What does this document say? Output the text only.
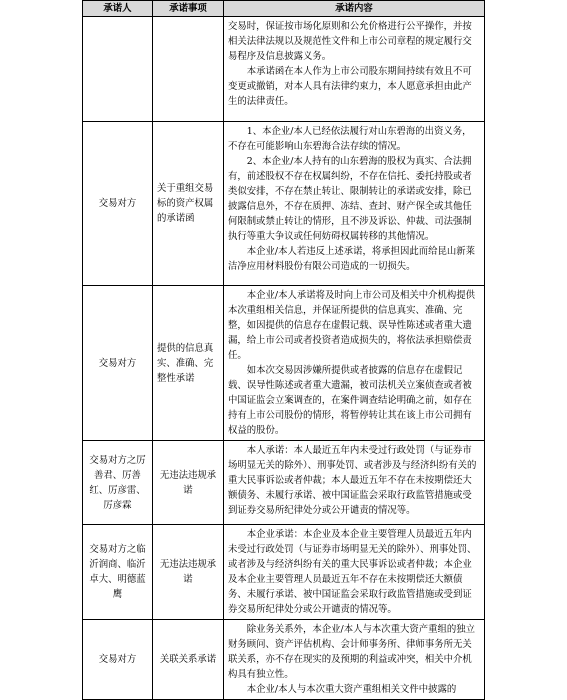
承诺人	承诺事项	承诺内容

		交易时，保证按市场化原则和公允价格进行公平操作，并按相关法律法规以及规范性文件和上市公司章程的规定履行交易程序及信息披露义务。

本承诺函在本人作为上市公司股东期间持续有效且不可变更或撤销，对本人具有法律约束力，本人愿意承担由此产生的法律责任。

交易对方	关于重组交易标的资产权属的承诺函	1、本企业/本人已经依法履行对山东碧海的出资义务，不存在可能影响山东碧海合法存续的情况。

2、本企业/本人持有的山东碧海的股权为真实、合法拥有，前述股权不存在权属纠纷，不存在信托、委托持股或者类似安排，不存在禁止转让、限制转让的承诺或安排，除已披露信息外，不存在质押、冻结、查封、财产保全或其他任何限制或禁止转让的情形，且不涉及诉讼、仲裁、司法强制执行等重大争议或任何妨碍权属转移的其他情况。

本企业/本人若违反上述承诺，将承担因此而给昆山新莱洁净应用材料股份有限公司造成的一切损失。

交易对方	提供的信息真实、准确、完整性承诺	本企业/本人承诺将及时向上市公司及相关中介机构提供本次重组相关信息，并保证所提供的信息真实、准确、完整，如因提供的信息存在虚假记载、误导性陈述或者重大遗漏，给上市公司或者投资者造成损失的，将依法承担赔偿责任。

如本次交易因涉嫌所提供或者披露的信息存在虚假记载、误导性陈述或者重大遗漏，被司法机关立案侦查或者被中国证监会立案调查的，在案件调查结论明确之前，如存在持有上市公司股份的情形，将暂停转让其在该上市公司拥有权益的股份。

交易对方之厉善君、厉善红、厉彦雷、厉彦霖	无违法违规承诺	本人承诺：本人最近五年内未受过行政处罚（与证券市场明显无关的除外）、刑事处罚、或者涉及与经济纠纷有关的重大民事诉讼或者仲裁；本人最近五年不存在未按期偿还大额债务、未履行承诺、被中国证监会采取行政监管措施或受到证券交易所纪律处分或公开谴责的情况等。

交易对方之临沂润商、临沂卓大、明德蓝鹰	无违法违规承诺	本企业承诺：本企业及本企业主要管理人员最近五年内未受过行政处罚（与证券市场明显无关的除外）、刑事处罚、或者涉及与经济纠纷有关的重大民事诉讼或者仲裁；本企业及本企业主要管理人员最近五年不存在未按期偿还大额债务、未履行承诺、被中国证监会采取行政监管措施或受到证券交易所纪律处分或公开谴责的情况等。

交易对方	关联关系承诺	除业务关系外，本企业/本人与本次重大资产重组的独立财务顾问、资产评估机构、会计师事务所、律师事务所无关联关系，亦不存在现实的及预期的利益或冲突，相关中介机构具有独立性。

本企业/本人与本次重大资产重组相关文件中披露的
